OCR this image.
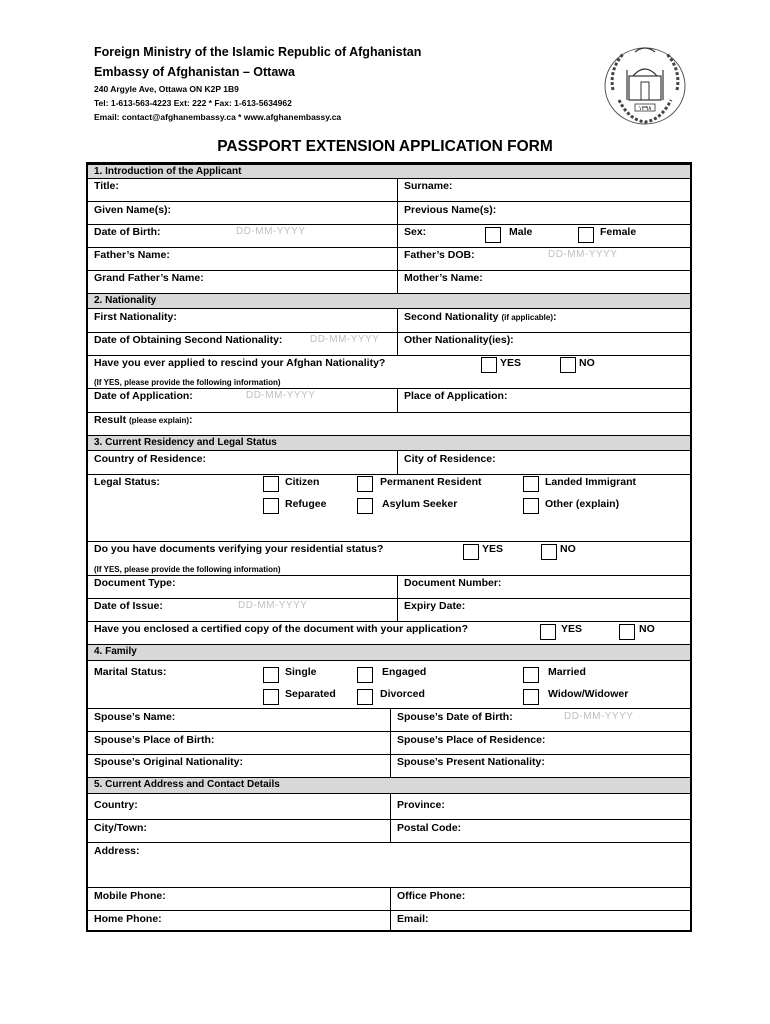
Foreign Ministry of the Islamic Republic of Afghanistan
Embassy of Afghanistan – Ottawa
240 Argyle Ave, Ottawa ON K2P 1B9
Tel: 1-613-563-4223 Ext: 222 * Fax: 1-613-5634962
Email: contact@afghanembassy.ca * www.afghanembassy.ca
۱۳۹۸
PASSPORT EXTENSION APPLICATION FORM
1. Introduction of the Applicant
Title:	Surname:
Given Name(s):	Previous Name(s):
Date of Birth:	DD-MM-YYYY	Sex:	Male	Female
Father’s Name:	Father’s DOB:	DD-MM-YYYY
Grand Father’s Name:	Mother’s Name:
2. Nationality
First Nationality:	Second Nationality (if applicable):
Date of Obtaining Second Nationality:	DD-MM-YYYY Other Nationality(ies):
Have you ever applied to rescind your Afghan Nationality?	YES	NO
(If YES, please provide the following information)
Date of Application:	DD-MM-YYYY	Place of Application:
Result (please explain):
3. Current Residency and Legal Status
Country of Residence:	City of Residence:
Legal Status:	Citizen	Permanent Resident	Landed Immigrant
Refugee	Asylum Seeker	Other (explain)
Do you have documents verifying your residential status?	YES	NO
(If YES, please provide the following information)
Document Type:	Document Number:
Date of Issue:	DD-MM-YYYY	Expiry Date:
Have you enclosed a certified copy of the document with your application?	YES	NO
4. Family
Marital Status:	Single	Engaged	Married
Separated	Divorced	Widow/Widower
Spouse’s Name:	Spouse’s Date of Birth:	DD-MM-YYYY
Spouse’s Place of Birth:	Spouse’s Place of Residence:
Spouse’s Original Nationality:	Spouse’s Present Nationality:
5. Current Address and Contact Details
Country:	Province:
City/Town:	Postal Code:
Address:
Mobile Phone:	Office Phone:
Home Phone:	Email:
